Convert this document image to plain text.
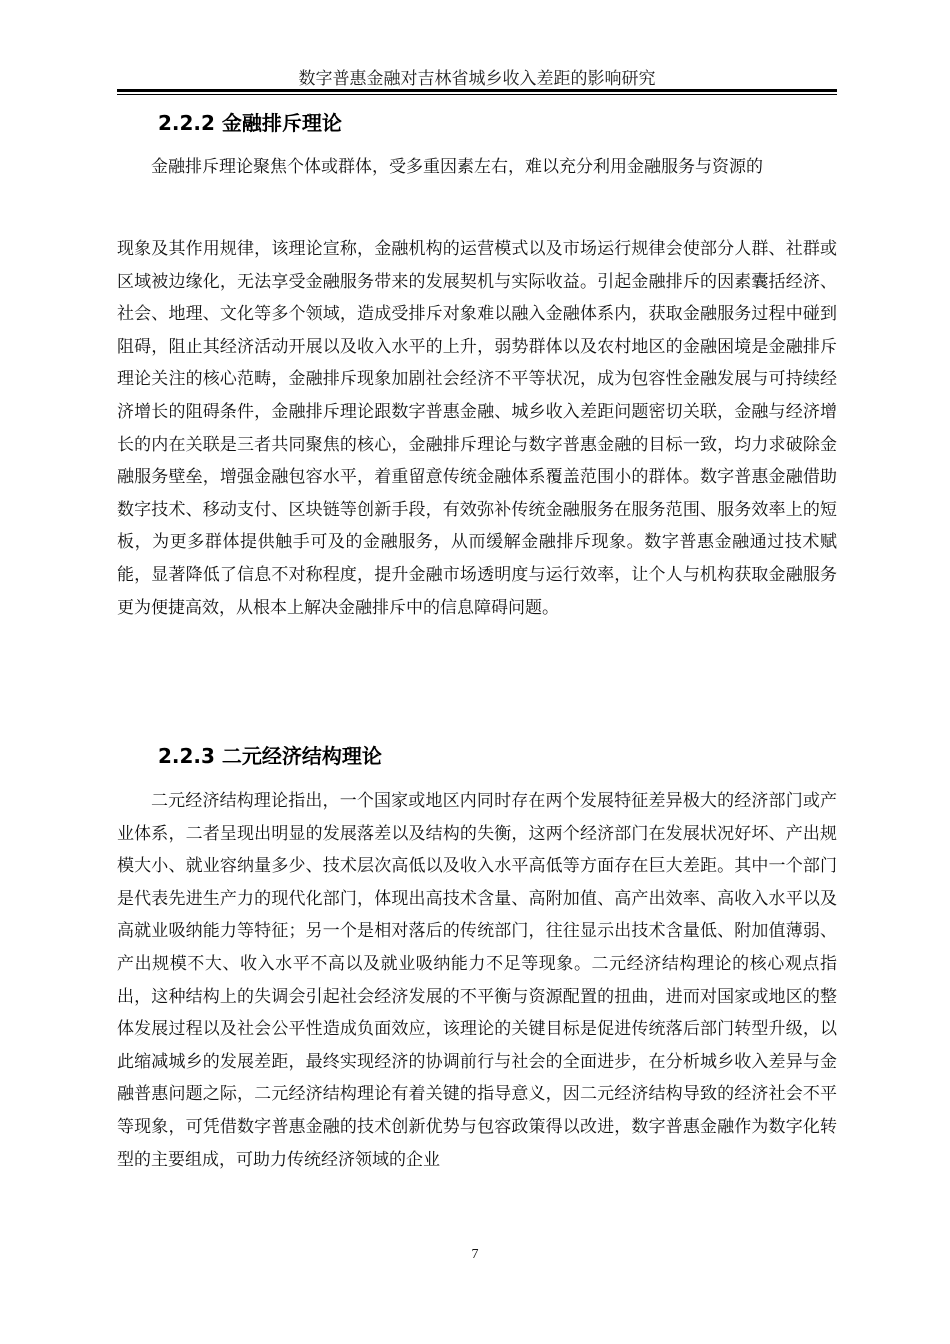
数字普惠金融对吉林省城乡收入差距的影响研究
2.2.2 金融排斥理论

金融排斥理论聚焦个体或群体，受多重因素左右，难以充分利用金融服务与资源的

现象及其作用规律，该理论宣称，金融机构的运营模式以及市场运行规律会使部分人群、社群或区域被边缘化，无法享受金融服务带来的发展契机与实际收益。引起金融排斥的因素囊括经济、社会、地理、文化等多个领域，造成受排斥对象难以融入金融体系内，获取金融服务过程中碰到阻碍，阻止其经济活动开展以及收入水平的上升，弱势群体以及农村地区的金融困境是金融排斥理论关注的核心范畴，金融排斥现象加剧社会经济不平等状况，成为包容性金融发展与可持续经济增长的阻碍条件，金融排斥理论跟数字普惠金融、城乡收入差距问题密切关联，金融与经济增长的内在关联是三者共同聚焦的核心，金融排斥理论与数字普惠金融的目标一致，均力求破除金融服务壁垒，增强金融包容水平，着重留意传统金融体系覆盖范围小的群体。数字普惠金融借助数字技术、移动支付、区块链等创新手段，有效弥补传统金融服务在服务范围、服务效率上的短板，为更多群体提供触手可及的金融服务，从而缓解金融排斥现象。数字普惠金融通过技术赋能，显著降低了信息不对称程度，提升金融市场透明度与运行效率，让个人与机构获取金融服务更为便捷高效，从根本上解决金融排斥中的信息障碍问题。

2.2.3 二元经济结构理论

二元经济结构理论指出，一个国家或地区内同时存在两个发展特征差异极大的经济部门或产业体系，二者呈现出明显的发展落差以及结构的失衡，这两个经济部门在发展状况好坏、产出规模大小、就业容纳量多少、技术层次高低以及收入水平高低等方面存在巨大差距。其中一个部门是代表先进生产力的现代化部门，体现出高技术含量、高附加值、高产出效率、高收入水平以及高就业吸纳能力等特征；另一个是相对落后的传统部门，往往显示出技术含量低、附加值薄弱、产出规模不大、收入水平不高以及就业吸纳能力不足等现象。二元经济结构理论的核心观点指出，这种结构上的失调会引起社会经济发展的不平衡与资源配置的扭曲，进而对国家或地区的整体发展过程以及社会公平性造成负面效应，该理论的关键目标是促进传统落后部门转型升级，以此缩减城乡的发展差距，最终实现经济的协调前行与社会的全面进步，在分析城乡收入差异与金融普惠问题之际，二元经济结构理论有着关键的指导意义，因二元经济结构导致的经济社会不平等现象，可凭借数字普惠金融的技术创新优势与包容政策得以改进，数字普惠金融作为数字化转型的主要组成，可助力传统经济领域的企业

7
